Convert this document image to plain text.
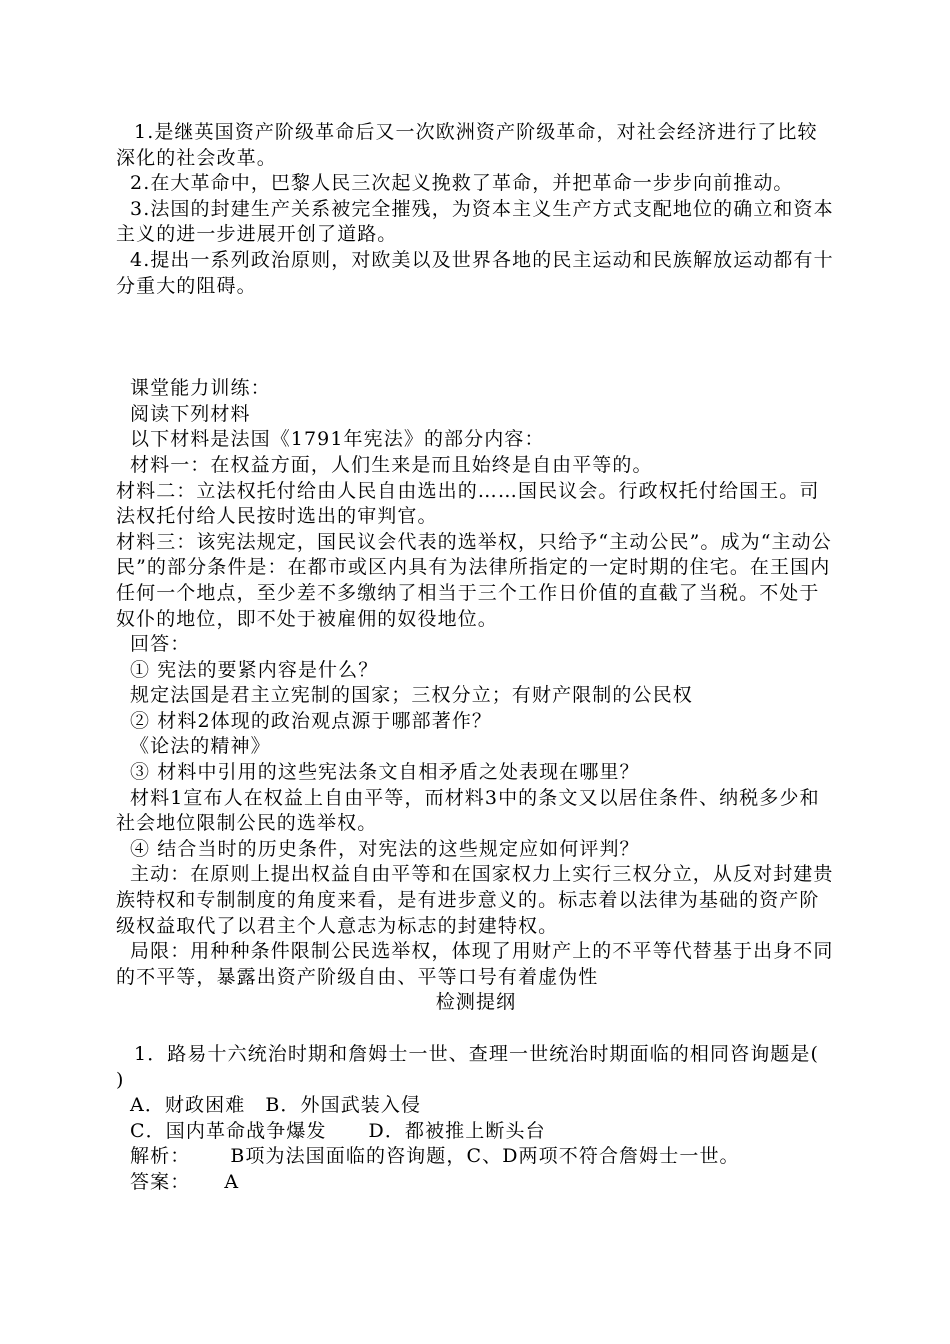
1.是继英国资产阶级革命后又一次欧洲资产阶级革命，对社会经济进行了比较深化的社会改革。

2.在大革命中，巴黎人民三次起义挽救了革命，并把革命一步步向前推动。

3.法国的封建生产关系被完全摧残，为资本主义生产方式支配地位的确立和资本主义的进一步进展开创了道路。

4.提出一系列政治原则，对欧美以及世界各地的民主运动和民族解放运动都有十分重大的阻碍。

课堂能力训练：

阅读下列材料

以下材料是法国《1791年宪法》的部分内容：

材料一：在权益方面，人们生来是而且始终是自由平等的。

材料二：立法权托付给由人民自由选出的……国民议会。行政权托付给国王。司法权托付给人民按时选出的审判官。

材料三：该宪法规定，国民议会代表的选举权，只给予“主动公民”。成为“主动公民”的部分条件是：在都市或区内具有为法律所指定的一定时期的住宅。在王国内任何一个地点，至少差不多缴纳了相当于三个工作日价值的直截了当税。不处于奴仆的地位，即不处于被雇佣的奴役地位。

回答：

① 宪法的要紧内容是什么？

规定法国是君主立宪制的国家；三权分立；有财产限制的公民权

② 材料2体现的政治观点源于哪部著作？

《论法的精神》

③ 材料中引用的这些宪法条文自相矛盾之处表现在哪里？

材料1宣布人在权益上自由平等，而材料3中的条文又以居住条件、纳税多少和社会地位限制公民的选举权。

④ 结合当时的历史条件，对宪法的这些规定应如何评判？

主动：在原则上提出权益自由平等和在国家权力上实行三权分立，从反对封建贵族特权和专制制度的角度来看，是有进步意义的。标志着以法律为基础的资产阶级权益取代了以君主个人意志为标志的封建特权。

局限：用种种条件限制公民选举权，体现了用财产上的不平等代替基于出身不同的不平等，暴露出资产阶级自由、平等口号有着虚伪性

检测提纲

1．路易十六统治时期和詹姆士一世、查理一世统治时期面临的相同咨询题是(　　)

A．财政困难 B．外国武装入侵

C．国内革命战争爆发 D．都被推上断头台

解析： B项为法国面临的咨询题，C、D两项不符合詹姆士一世。

答案： A
